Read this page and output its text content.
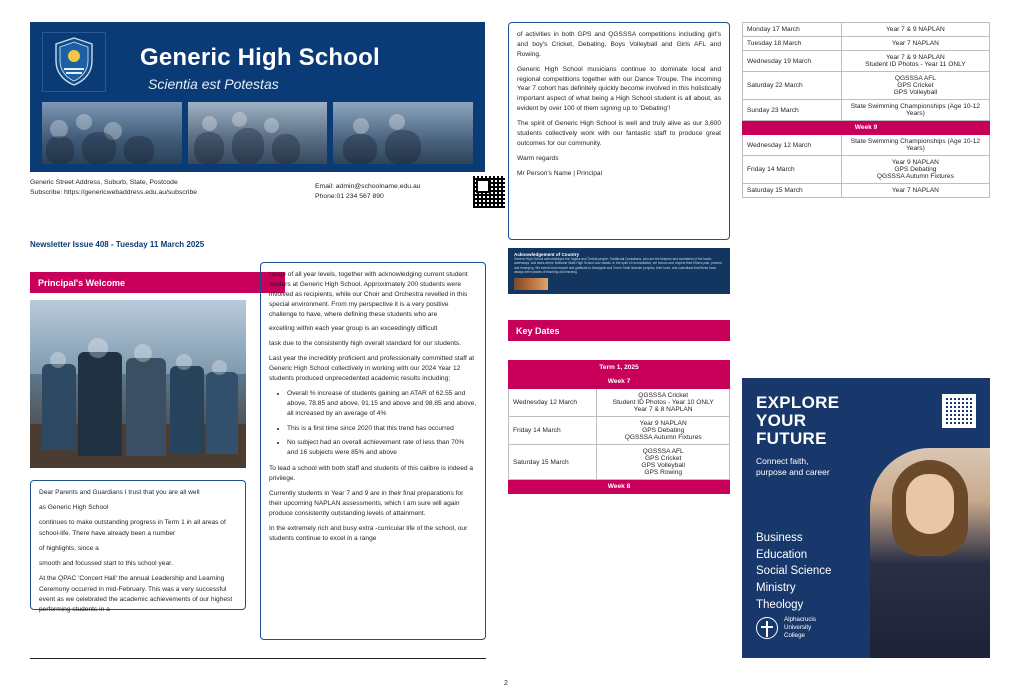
Generic High School
Scientia est Potestas
Generic Street Address, Suburb, State, Postcode
Subscribe: https://genericwebaddress.edu.au/subscribe
Email: admin@schoolname.edu.au
Phone:01 234 567 890
Newsletter Issue 408 - Tuesday 11 March 2025
Principal's Welcome

Dear Parents and Guardians I trust that you are all well

as Generic High School

continues to make outstanding progress in Term 1 in all areas of school-life. There have already been a number

of highlights, since a

smooth and focussed start to this school year.

At the QPAC 'Concert Hall' the annual Leadership and Learning Ceremony occurred in mid-February. This was a very successful event as we celebrated the academic achievements of our highest performing students in a

range of all year levels, together with acknowledging current student leaders at Generic High School. Approximately 200 students were involved as recipients, while our Choir and Orchestra revelled in this special environment. From my perspective it is a very positive challenge to have, where defining these students who are

excelling within each year group is an exceedingly difficult

task due to the consistently high overall standard for our students.

Last year the incredibly proficient and professionally committed staff at Generic High School collectively in working with our 2024 Year 12 students produced unprecedented academic results including;

• Overall % increase of students gaining an ATAR of 62.55 and above, 78.85 and above, 91.15 and above and 98.85 and above, all increased by an average of 4%
• This is a first time since 2020 that this trend has occurred
• No subject had an overall achievement rate of less than 70% and 16 subjects were 85% and above

To lead a school with both staff and students of this calibre is indeed a privilege.

Currently students in Year 7 and 9 are in their final preparations for their upcoming NAPLAN assessments, which I am sure will again produce consistently outstanding levels of attainment.

In the extremely rich and busy extra -curricular life of the school, our students continue to excel in a range

of activities in both GPS and QGSSSA competitions including girl's and boy's Cricket, Debating, Boys Volleyball and Girls AFL and Rowing.

Generic High School musicians continue to dominate local and regional competitions together with our Dance Troupe. The incoming Year 7 cohort has definitely quickly become involved in this holistically important aspect of what being a High School student is all about, as evident by over 100 of them signing up to 'Debating'!

The spirit of Generic High School is well and truly alive as our 3,600 students collectively work with our fantastic staff to produce great outcomes for our community.

Warm regards

Mr Person's Name | Principal

Acknowledgement of Country
Generic High School acknowledges the Jagera and Turrbal people, Traditional Custodians, who are the keepers and caretakers of the lands, waterways, and skies where Brisbane State High School now stands. In the spirit of reconciliation, we honour and respect their Elders past, present and emerging. We extend that respect and gratitude to Aboriginal and Torres Strait Islander peoples, their lores, and custodians that these have always been places of teaching and learning.
Key Dates
Term 1, 2025	
Week 7	
Wednesday 12 March	QGSSSA Cricket
Student ID Photos - Year 10 ONLY
Year 7 & 8 NAPLAN

Friday 14 March	Year 9 NAPLAN
GPS Debating
QGSSSA Autumn Fixtures

Saturday 15 March	QGSSSA AFL
GPS Cricket
GPS Volleyball
GPS Rowing

Week 8	
Monday 17 March	Year 7 & 9 NAPLAN

Tuesday 18 March	Year 7 NAPLAN

Wednesday 19 March	Year 7 & 9 NAPLAN
Student ID Photos - Year 11 ONLY

Saturday 22 March	QGSSSA AFL
GPS Cricket
GPS Volleyball

Sunday 23 March	State Swimming Championships (Age 10-12 Years)

Week 9	
Wednesday 12 March	State Swimming Championships (Age 10-12 Years)

Friday 14 March	Year 9 NAPLAN
GPS Debating
QGSSSA Autumn Fixtures

Saturday 15 March	Year 7 NAPLAN
EXPLORE
YOUR
FUTURE
Connect faith,
purpose and career
Business
Education
Social Science
Ministry
Theology
Alphacrucis
University
College
2
